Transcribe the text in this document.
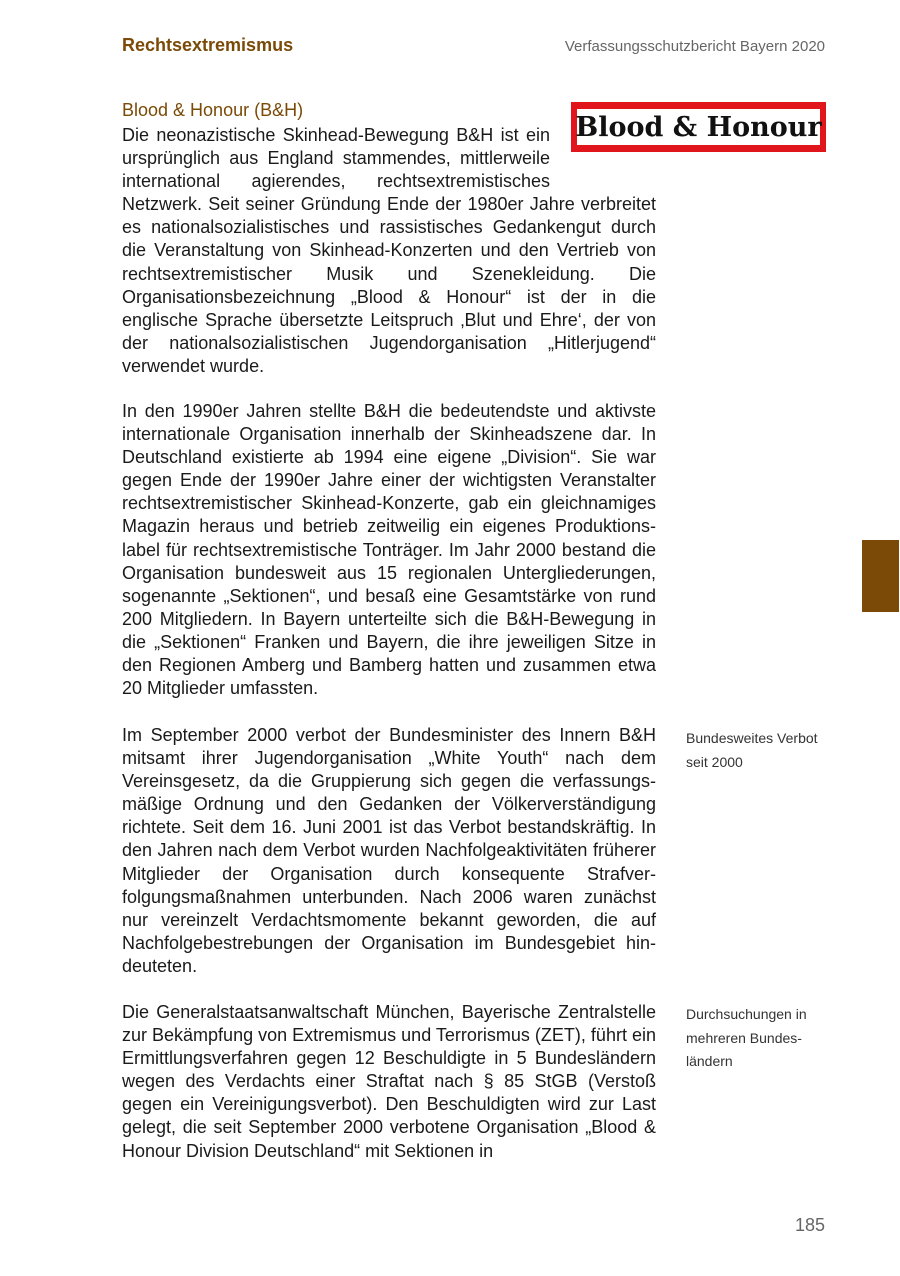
Rechtsextremismus	Verfassungsschutzbericht Bayern 2020
Blood & Honour (B&H)
Blood & Honour

Die neonazistische Skinhead-Bewegung B&H ist ein ursprünglich aus England stammendes, mittlerweile international agierendes, rechtsextremistisches Netzwerk. Seit seiner Gründung Ende der 1980er Jahre verbreitet es nationalsozialistisches und rassistisches Gedankengut durch die Veranstaltung von Skinhead-Konzerten und den Vertrieb von rechtsextremistischer Musik und Szenekleidung. Die Organisationsbezeichnung „Blood & Honour“ ist der in die englische Sprache übersetzte Leitspruch ‚Blut und Ehre‘, der von der nationalsozialistischen Jugendorganisation „Hitlerjugend“ verwendet wurde.

In den 1990er Jahren stellte B&H die bedeutendste und aktivste internationale Organisation innerhalb der Skinheadszene dar. In Deutschland existierte ab 1994 eine eigene „Division“. Sie war gegen Ende der 1990er Jahre einer der wichtigsten Veranstalter rechtsextremistischer Skinhead-Konzerte, gab ein gleichnamiges Magazin heraus und betrieb zeitweilig ein eigenes Produktionslabel für rechtsextremistische Tonträger. Im Jahr 2000 bestand die Organisation bundesweit aus 15 regionalen Untergliederungen, sogenannte „Sektionen“, und besaß eine Gesamtstärke von rund 200 Mitgliedern. In Bayern unterteilte sich die B&H-Bewegung in die „Sektionen“ Franken und Bayern, die ihre jeweiligen Sitze in den Regionen Amberg und Bamberg hatten und zusammen etwa 20 Mitglieder umfassten.

Im September 2000 verbot der Bundesminister des Innern B&H mitsamt ihrer Jugendorganisation „White Youth“ nach dem Vereinsgesetz, da die Gruppierung sich gegen die verfassungsmäßige Ordnung und den Gedanken der Völkerverständigung richtete. Seit dem 16. Juni 2001 ist das Verbot bestandskräftig. In den Jahren nach dem Verbot wurden Nachfolgeaktivitäten früherer Mitglieder der Organisation durch konsequente Strafverfolgungsmaßnahmen unterbunden. Nach 2006 waren zunächst nur vereinzelt Verdachtsmomente bekannt geworden, die auf Nachfolgebestrebungen der Organisation im Bundesgebiet hindeuteten.

Die Generalstaatsanwaltschaft München, Bayerische Zentralstelle zur Bekämpfung von Extremismus und Terrorismus (ZET), führt ein Ermittlungsverfahren gegen 12 Beschuldigte in 5 Bundesländern wegen des Verdachts einer Straftat nach § 85 StGB (Verstoß gegen ein Vereinigungsverbot). Den Beschuldigten wird zur Last gelegt, die seit September 2000 verbotene Organisation „Blood & Honour Division Deutschland“ mit Sektionen in

Bundesweites Verbot seit 2000
Durchsuchungen in mehreren Bundesländern
185
